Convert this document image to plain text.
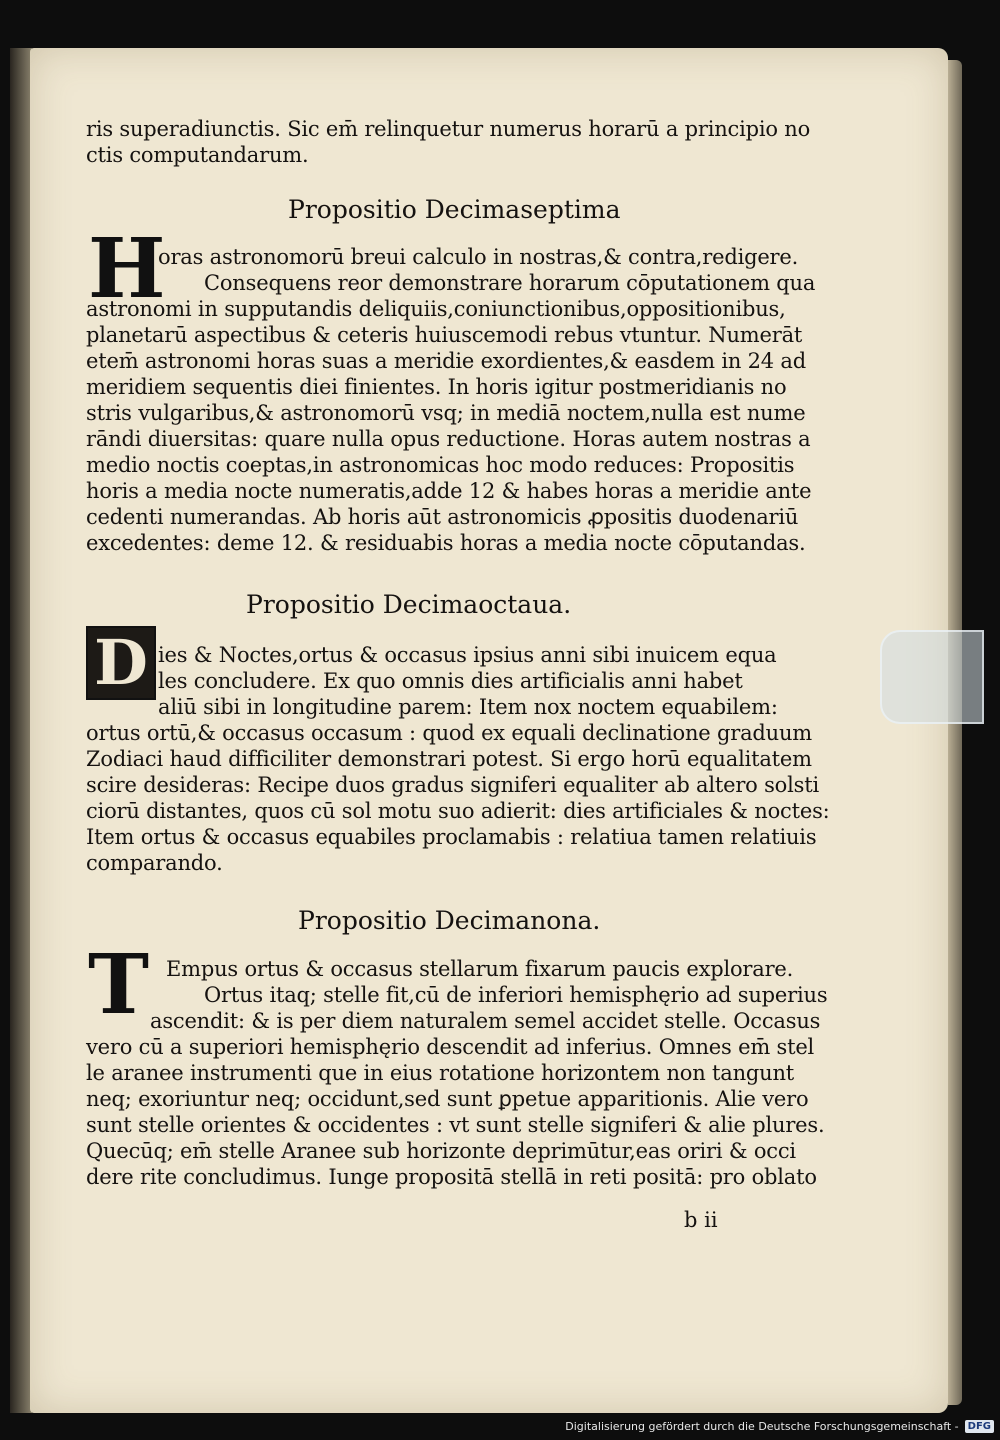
ris superadiunctis. Sic em̄ relinquetur numerus horarū a principio no
ctis computandarum.
Propositio Decimaseptima
H
oras astronomorū breui calculo in nostras,& contra,redigere.
Consequens reor demonstrare horarum cōputationem qua
astronomi in supputandis deliquiis,coniunctionibus,oppositionibus,
planetarū aspectibus & ceteris huiuscemodi rebus vtuntur. Numerāt
etem̄ astronomi horas suas a meridie exordientes,& easdem in 24 ad
meridiem sequentis diei finientes. In horis igitur postmeridianis no
stris vulgaribus,& astronomorū vsq; in mediā noctem,nulla est nume
rāndi diuersitas: quare nulla opus reductione. Horas autem nostras a
medio noctis coeptas,in astronomicas hoc modo reduces: Propositis
horis a media nocte numeratis,adde 12 & habes horas a meridie ante
cedenti numerandas. Ab horis aūt astronomicis ꝓpositis duodenariū
excedentes: deme 12. & residuabis horas a media nocte cōputandas.
Propositio Decimaoctaua.
D ies & Noctes,ortus & occasus ipsius anni sibi inuicem equa
les concludere. Ex quo omnis dies artificialis anni habet
aliū sibi in longitudine parem: Item nox noctem equabilem:
ortus ortū,& occasus occasum : quod ex equali declinatione graduum
Zodiaci haud difficiliter demonstrari potest. Si ergo horū equalitatem
scire desideras: Recipe duos gradus signiferi equaliter ab altero solsti
ciorū distantes, quos cū sol motu suo adierit: dies artificiales & noctes:
Item ortus & occasus equabiles proclamabis : relatiua tamen relatiuis
comparando.
Propositio Decimanona.
T Empus ortus & occasus stellarum fixarum paucis explorare.
Ortus itaq; stelle fit,cū de inferiori hemisphęrio ad superius
ascendit: & is per diem naturalem semel accidet stelle. Occasus
vero cū a superiori hemisphęrio descendit ad inferius. Omnes em̄ stel
le aranee instrumenti que in eius rotatione horizontem non tangunt
neq; exoriuntur neq; occidunt,sed sunt ꝑpetue apparitionis. Alie vero
sunt stelle orientes & occidentes : vt sunt stelle signiferi & alie plures.
Quecūq; em̄ stelle Aranee sub horizonte deprimūtur,eas oriri & occi
dere rite concludimus. Iunge propositā stellā in reti positā: pro oblato
b ii
Digitalisierung gefördert durch die Deutsche Forschungsgemeinschaft - DFG
